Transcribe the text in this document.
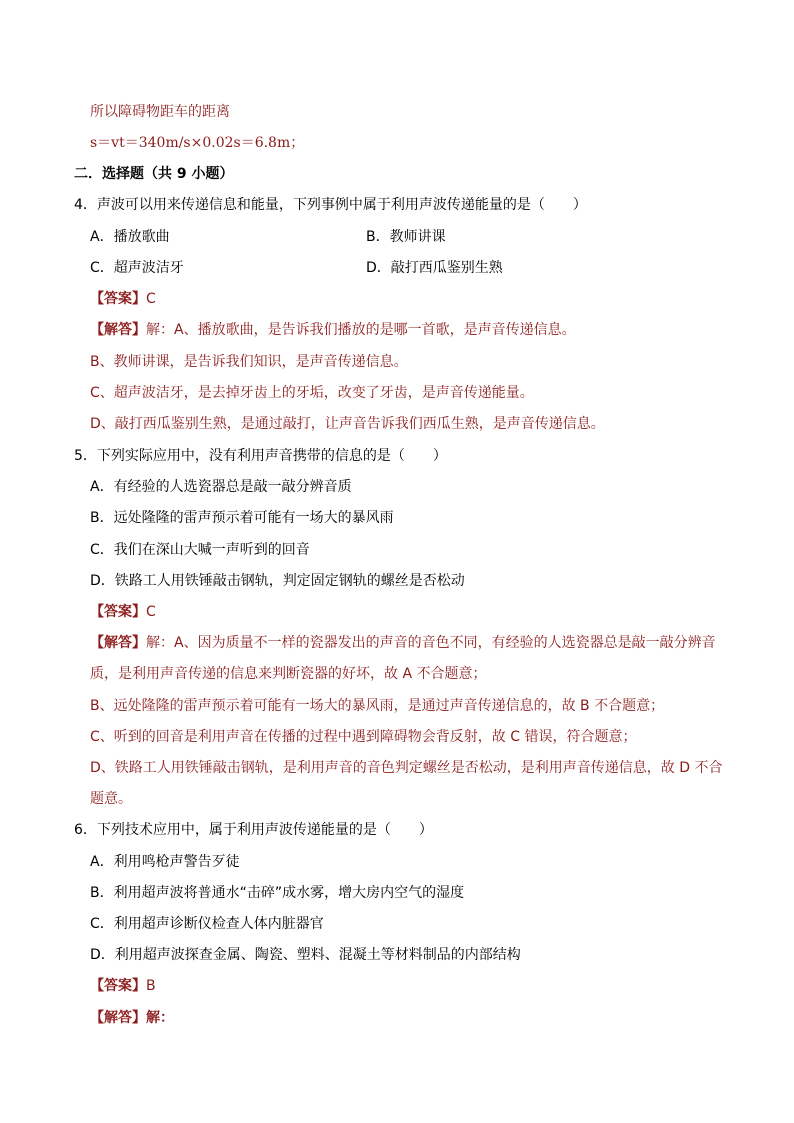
所以障碍物距车的距离
s＝vt＝340m/s×0.02s＝6.8m；
二．选择题（共 9 小题）
4．声波可以用来传递信息和能量，下列事例中属于利用声波传递能量的是（　　）
A．播放歌曲	B．教师讲课
C．超声波洁牙	D．敲打西瓜鉴别生熟
【答案】C
【解答】解：A、播放歌曲，是告诉我们播放的是哪一首歌，是声音传递信息。
B、教师讲课，是告诉我们知识，是声音传递信息。
C、超声波洁牙，是去掉牙齿上的牙垢，改变了牙齿，是声音传递能量。
D、敲打西瓜鉴别生熟，是通过敲打，让声音告诉我们西瓜生熟，是声音传递信息。
5．下列实际应用中，没有利用声音携带的信息的是（　　）
A．有经验的人选瓷器总是敲一敲分辨音质
B．远处隆隆的雷声预示着可能有一场大的暴风雨
C．我们在深山大喊一声听到的回音
D．铁路工人用铁锤敲击钢轨，判定固定钢轨的螺丝是否松动
【答案】C
【解答】解：A、因为质量不一样的瓷器发出的声音的音色不同，有经验的人选瓷器总是敲一敲分辨音
质，是利用声音传递的信息来判断瓷器的好坏，故 A 不合题意；
B、远处隆隆的雷声预示着可能有一场大的暴风雨，是通过声音传递信息的，故 B 不合题意；
C、听到的回音是利用声音在传播的过程中遇到障碍物会背反射，故 C 错误，符合题意；
D、铁路工人用铁锤敲击钢轨，是利用声音的音色判定螺丝是否松动，是利用声音传递信息，故 D 不合
题意。
6．下列技术应用中，属于利用声波传递能量的是（　　）
A．利用鸣枪声警告歹徒
B．利用超声波将普通水“击碎”成水雾，增大房内空气的湿度
C．利用超声诊断仪检查人体内脏器官
D．利用超声波探查金属、陶瓷、塑料、混凝土等材料制品的内部结构
【答案】B
【解答】解：
